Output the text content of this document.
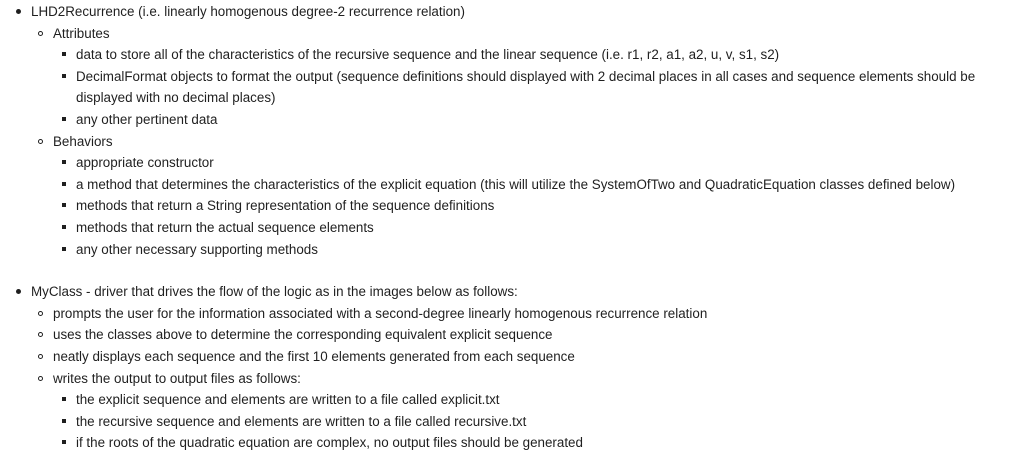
LHD2Recurrence (i.e. linearly homogenous degree-2 recurrence relation)
Attributes
data to store all of the characteristics of the recursive sequence and the linear sequence (i.e. r1, r2, a1, a2, u, v, s1, s2)
DecimalFormat objects to format the output (sequence definitions should displayed with 2 decimal places in all cases and sequence elements should be displayed with no decimal places)
any other pertinent data
Behaviors
appropriate constructor
a method that determines the characteristics of the explicit equation (this will utilize the SystemOfTwo and QuadraticEquation classes defined below)
methods that return a String representation of the sequence definitions
methods that return the actual sequence elements
any other necessary supporting methods
MyClass - driver that drives the flow of the logic as in the images below as follows:
prompts the user for the information associated with a second-degree linearly homogenous recurrence relation
uses the classes above to determine the corresponding equivalent explicit sequence
neatly displays each sequence and the first 10 elements generated from each sequence
writes the output to output files as follows:
the explicit sequence and elements are written to a file called explicit.txt
the recursive sequence and elements are written to a file called recursive.txt
if the roots of the quadratic equation are complex, no output files should be generated
